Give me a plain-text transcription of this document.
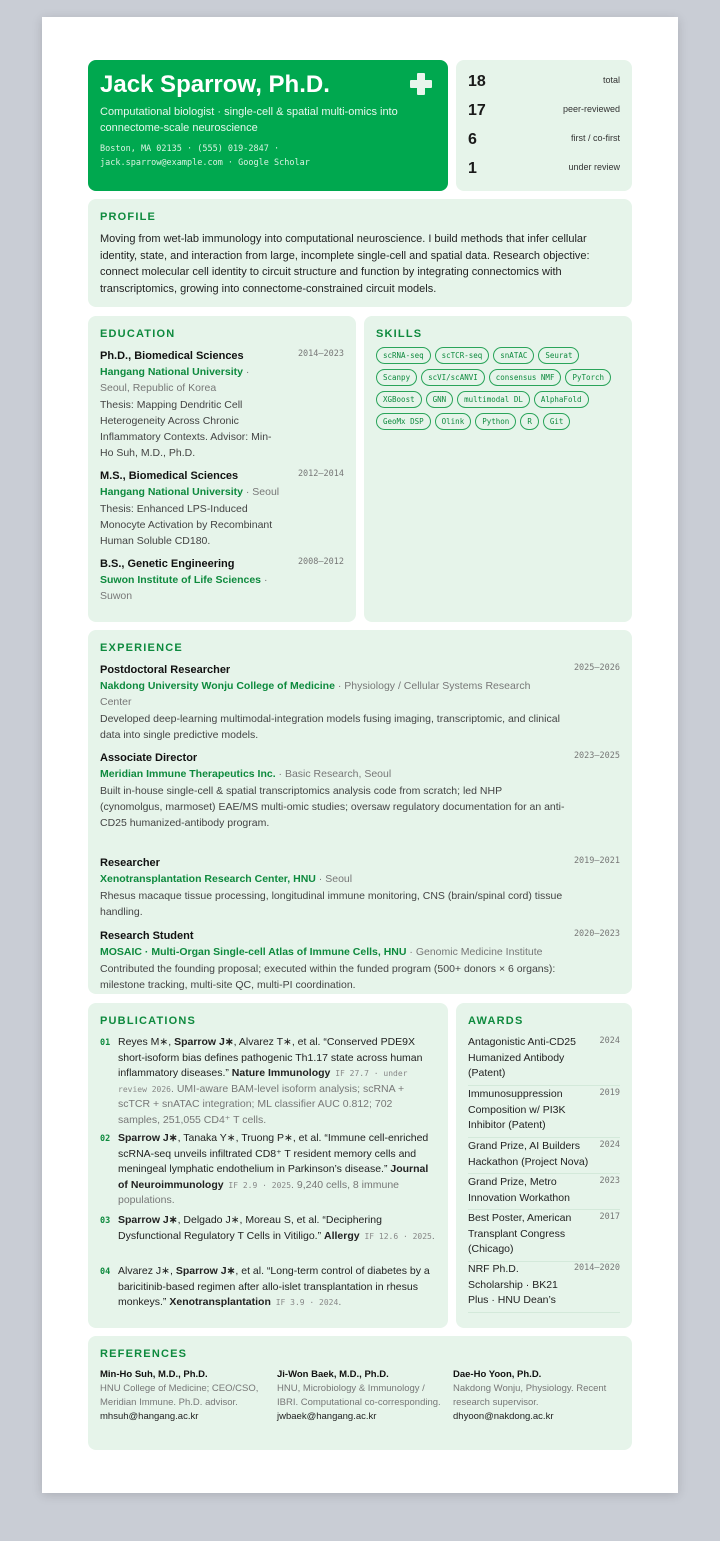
Jack Sparrow, Ph.D.
Computational biologist · single-cell & spatial multi-omics into connectome-scale neuroscience
Boston, MA 02135 · (555) 019-2847 · jack.sparrow@example.com · Google Scholar
18	total
17	peer-reviewed
6	first / co-first
1	under review
PROFILE
Moving from wet-lab immunology into computational neuroscience. I build methods that infer cellular identity, state, and interaction from large, incomplete single-cell and spatial data. Research objective: connect molecular cell identity to circuit structure and function by integrating connectomics with transcriptomics, growing into connectome-constrained circuit models.
EDUCATION
Ph.D., Biomedical Sciences	2014–2023
Hangang National University · Seoul, Republic of Korea
Thesis: Mapping Dendritic Cell Heterogeneity Across Chronic Inflammatory Contexts. Advisor: Min-Ho Suh, M.D., Ph.D.
M.S., Biomedical Sciences	2012–2014
Hangang National University · Seoul
Thesis: Enhanced LPS-Induced Monocyte Activation by Recombinant Human Soluble CD180.
B.S., Genetic Engineering	2008–2012
Suwon Institute of Life Sciences · Suwon
SKILLS
scRNA-seq	scTCR-seq	snATAC	Seurat
Scanpy	scVI/scANVI	consensus NMF	PyTorch
XGBoost	GNN	multimodal DL	AlphaFold
GeoMx DSP	Olink	Python	R	Git
EXPERIENCE
Postdoctoral Researcher	2025–2026
Nakdong University Wonju College of Medicine · Physiology / Cellular Systems Research Center
Developed deep-learning multimodal-integration models fusing imaging, transcriptomic, and clinical data into single predictive models.
Associate Director	2023–2025
Meridian Immune Therapeutics Inc. · Basic Research, Seoul
Built in-house single-cell & spatial transcriptomics analysis code from scratch; led NHP (cynomolgus, marmoset) EAE/MS multi-omic studies; oversaw regulatory documentation for an anti-CD25 humanized-antibody program.
Researcher	2019–2021
Xenotransplantation Research Center, HNU · Seoul
Rhesus macaque tissue processing, longitudinal immune monitoring, CNS (brain/spinal cord) tissue handling.
Research Student	2020–2023
MOSAIC · Multi-Organ Single-cell Atlas of Immune Cells, HNU · Genomic Medicine Institute
Contributed the founding proposal; executed within the funded program (500+ donors × 6 organs): milestone tracking, multi-site QC, multi-PI coordination.
PUBLICATIONS
01 Reyes M∗, Sparrow J∗, Alvarez T∗, et al. “Conserved PDE9X short-isoform bias defines pathogenic Th1.17 state across human inflammatory diseases.” Nature Immunology IF 27.7 · under review 2026. UMI-aware BAM-level isoform analysis; scRNA + scTCR + snATAC integration; ML classifier AUC 0.812; 702 samples, 251,055 CD4⁺ T cells.
02 Sparrow J∗, Tanaka Y∗, Truong P∗, et al. “Immune cell-enriched scRNA-seq unveils infiltrated CD8⁺ T resident memory cells and meningeal lymphatic endothelium in Parkinson’s disease.” Journal of Neuroimmunology IF 2.9 · 2025. 9,240 cells, 8 immune populations.
03 Sparrow J∗, Delgado J∗, Moreau S, et al. “Deciphering Dysfunctional Regulatory T Cells in Vitiligo.” Allergy IF 12.6 · 2025.
04 Alvarez J∗, Sparrow J∗, et al. “Long-term control of diabetes by a baricitinib-based regimen after allo-islet transplantation in rhesus monkeys.” Xenotransplantation IF 3.9 · 2024.
AWARDS
Antagonistic Anti-CD25 Humanized Antibody (Patent)
2024
Immunosuppression Composition w/ PI3K Inhibitor (Patent)
2019
Grand Prize, AI Builders Hackathon (Project Nova)
2024
Grand Prize, Metro Innovation Workathon
2023
Best Poster, American Transplant Congress (Chicago)
2017
NRF Ph.D. Scholarship · BK21 Plus · HNU Dean’s
2014–2020
REFERENCES
Min-Ho Suh, M.D., Ph.D.
HNU College of Medicine; CEO/CSO, Meridian Immune. Ph.D. advisor.
mhsuh@hangang.ac.kr
Ji-Won Baek, M.D., Ph.D.
HNU, Microbiology & Immunology / IBRI. Computational co-corresponding.
jwbaek@hangang.ac.kr
Dae-Ho Yoon, Ph.D.
Nakdong Wonju, Physiology. Recent research supervisor.
dhyoon@nakdong.ac.kr
